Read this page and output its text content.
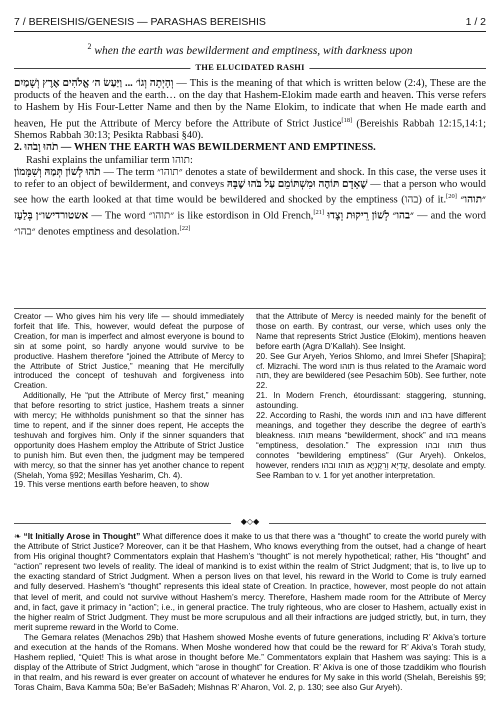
7 / BEREISHIS/GENESIS — PARASHAS BEREISHIS	1 / 2
$^2$ when the earth was bewilderment and emptiness, with darkness upon
THE ELUCIDATED RASHI

וְהָיְתָה וְגוֹ׳ ... וַיַּעַשׂ ה׳ אֱלֹהִים אֶרֶץ וְשָׁמַיִם — This is the meaning of that which is written below (2:4), These are the products of the heaven and the earth… on the day that Hashem-Elokim made earth and heaven. This verse refers to Hashem by His Four-Letter Name and then by the Name Elokim, to indicate that when He made earth and heaven, He put the Attribute of Mercy before the Attribute of Strict Justice[18] (Bereishis Rabbah 12:15,14:1; Shemos Rabbah 30:13; Pesikta Rabbasi §40).

2. תֹהוּ וָבֹהוּ — WHEN THE EARTH WAS BEWILDERMENT AND EMPTINESS.

Rashi explains the unfamiliar term תוהו:

תֹהוּ לְשׁוֹן תְּמַהּ וְשִׁמָּמוֹן — The term ״תוהו״ denotes a state of bewilderment and shock. In this case, the verse uses it to refer to an object of bewilderment, and conveys שֶׁאָדָם תּוֹהֶה וּמִשְׁתּוֹמֵם עַל בֹּהוּ שֶׁבָּהּ — that a person who would see how the earth looked at that time would be bewildered and shocked by the emptiness (בהו) of it.[20] ״תוהו״ אשטורדישו״ן בְּלַעַז — The word ״תוהו״ is like estordison in Old French,[21] ״בהו״ לְשׁוֹן רֵיקוּת וְצָדוּ — and the word ״בהו״ denotes emptiness and desolation.[22]

Creator — Who gives him his very life — should immediately forfeit that life. This, however, would defeat the purpose of Creation, for man is imperfect and almost everyone is bound to sin at some point, so hardly anyone would survive to be productive. Hashem therefore “joined the Attribute of Mercy to the Attribute of Strict Justice,” meaning that He mercifully introduced the concept of teshuvah and forgiveness into Creation.

Additionally, He “put the Attribute of Mercy first,” meaning that before resorting to strict justice, Hashem treats a sinner with mercy; He withholds punishment so that the sinner has time to repent, and if the sinner does repent, He accepts the teshuvah and forgives him. Only if the sinner squanders that opportunity does Hashem employ the Attribute of Strict Justice to punish him. But even then, the judgment may be tempered with mercy, so that the sinner has yet another chance to repent (Shelah, Yoma §92; Mesillas Yesharim, Ch. 4).

19. This verse mentions earth before heaven, to show

that the Attribute of Mercy is needed mainly for the benefit of those on earth. By contrast, our verse, which uses only the Name that represents Strict Justice (Elokim), mentions heaven before earth (Agra D’Kallah). See Insight.

20. See Gur Aryeh, Yerios Shlomo, and Imrei Shefer [Shapira]; cf. Mizrachi. The word תוהו is thus related to the Aramaic word תוה, they are bewildered (see Pesachim 50b). See further, note 22.

21. In Modern French, étourdissant: staggering, stunning, astounding.

22. According to Rashi, the words תוהו and בהו have different meanings, and together they describe the degree of earth’s bleakness. תוהו means “bewilderment, shock” and בהו means “emptiness, desolation.” The expression תוהו ובהו thus connotes “bewildering emptiness” (Gur Aryeh). Onkelos, however, renders תוהו ובהו as עֲדְיָא וְרֵקָנְיָא, desolate and empty. See Ramban to v. 1 for yet another interpretation.

◆◇◆

❧ “It Initially Arose in Thought” What difference does it make to us that there was a “thought” to create the world purely with the Attribute of Strict Justice? Moreover, can it be that Hashem, Who knows everything from the outset, had a change of heart from His original thought? Commentators explain that Hashem’s “thought” is not merely hypothetical; rather, His “thought” and “action” represent two levels of reality. The ideal of mankind is to exist within the realm of Strict Judgment; that is, to live up to the exacting standard of Strict Judgment. When a person lives on that level, his reward in the World to Come is truly earned and fully deserved. Hashem’s “thought” represents this ideal state of Creation. In practice, however, most people do not attain that level of merit, and could not survive without Hashem’s mercy. Therefore, Hashem made room for the Attribute of Mercy and, in fact, gave it primacy in “action”; i.e., in general practice. The truly righteous, who are closer to Hashem, actually exist in the higher realm of Strict Judgment. They must be more scrupulous and all their infractions are judged strictly, but, in turn, they merit supreme reward in the World to Come.

The Gemara relates (Menachos 29b) that Hashem showed Moshe events of future generations, including R’ Akiva’s torture and execution at the hands of the Romans. When Moshe wondered how that could be the reward for R’ Akiva’s Torah study, Hashem replied, “Quiet! This is what arose in thought before Me.” Commentators explain that Hashem was saying: This is a display of the Attribute of Strict Judgment, which “arose in thought” for Creation. R’ Akiva is one of those tzaddikim who flourish in that realm, and his reward is ever greater on account of whatever he endures for My sake in this world (Shelah, Bereishis §9; Toras Chaim, Bava Kamma 50a; Be’er BaSadeh; Mishnas R’ Aharon, Vol. 2, p. 130; see also Gur Aryeh).
